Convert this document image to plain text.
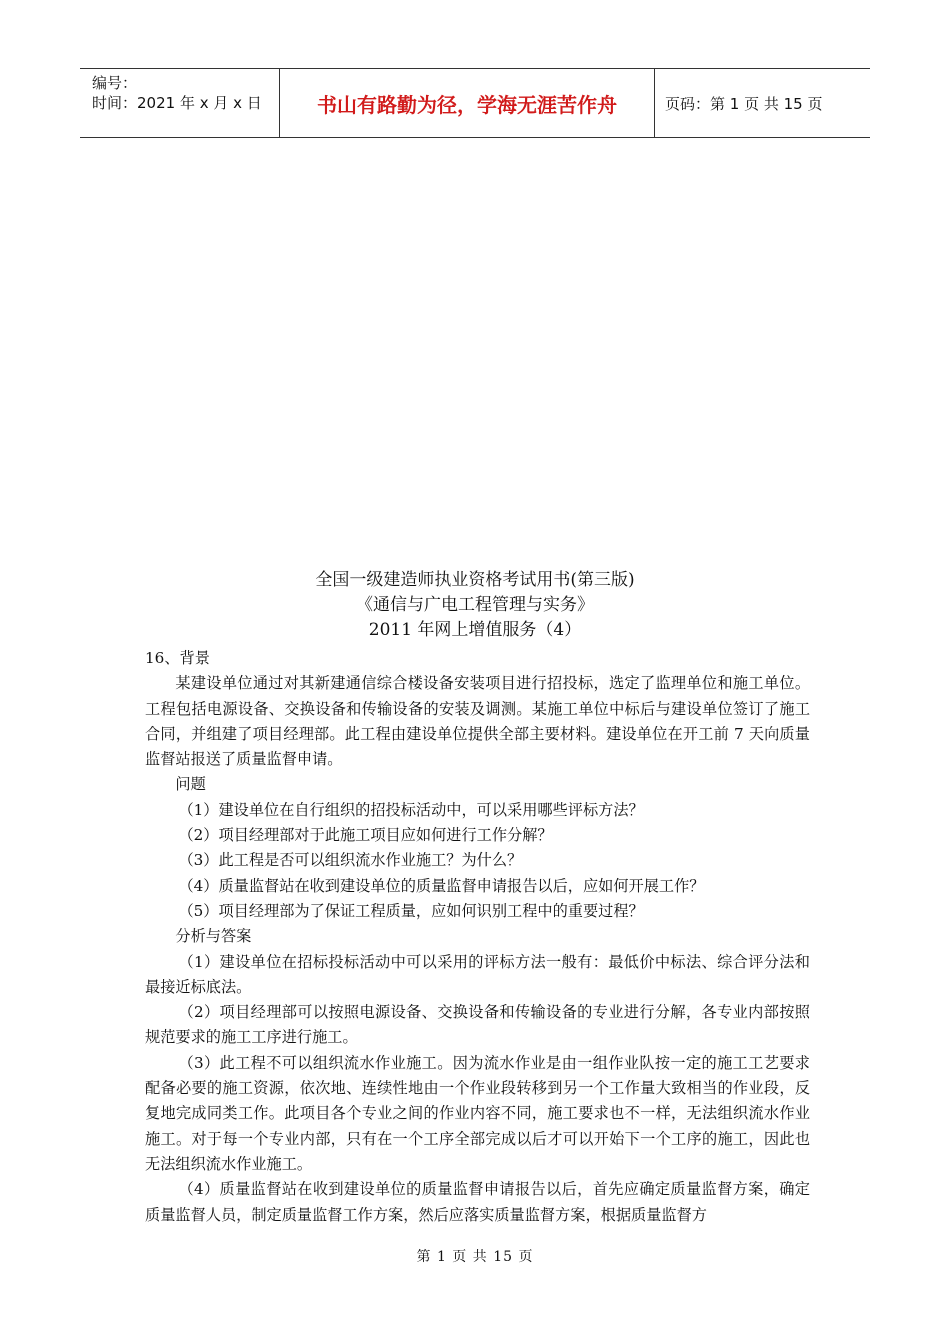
编号：
时间：2021 年 x 月 x 日	书山有路勤为径，学海无涯苦作舟	页码：第 1 页 共 15 页
全国一级建造师执业资格考试用书(第三版)
《通信与广电工程管理与实务》
2011 年网上增值服务（4）

16、背景

某建设单位通过对其新建通信综合楼设备安装项目进行招投标，选定了监理单位和施工单位。工程包括电源设备、交换设备和传输设备的安装及调测。某施工单位中标后与建设单位签订了施工合同，并组建了项目经理部。此工程由建设单位提供全部主要材料。建设单位在开工前 7 天向质量监督站报送了质量监督申请。

问题

（1）建设单位在自行组织的招投标活动中，可以采用哪些评标方法？

（2）项目经理部对于此施工项目应如何进行工作分解？

（3）此工程是否可以组织流水作业施工？为什么？

（4）质量监督站在收到建设单位的质量监督申请报告以后，应如何开展工作？

（5）项目经理部为了保证工程质量，应如何识别工程中的重要过程？

分析与答案

（1）建设单位在招标投标活动中可以采用的评标方法一般有：最低价中标法、综合评分法和最接近标底法。

（2）项目经理部可以按照电源设备、交换设备和传输设备的专业进行分解，各专业内部按照规范要求的施工工序进行施工。

（3）此工程不可以组织流水作业施工。因为流水作业是由一组作业队按一定的施工工艺要求配备必要的施工资源，依次地、连续性地由一个作业段转移到另一个工作量大致相当的作业段，反复地完成同类工作。此项目各个专业之间的作业内容不同，施工要求也不一样，无法组织流水作业施工。对于每一个专业内部，只有在一个工序全部完成以后才可以开始下一个工序的施工，因此也无法组织流水作业施工。

（4）质量监督站在收到建设单位的质量监督申请报告以后，首先应确定质量监督方案，确定质量监督人员，制定质量监督工作方案，然后应落实质量监督方案，根据质量监督方

第 1 页 共 15 页
